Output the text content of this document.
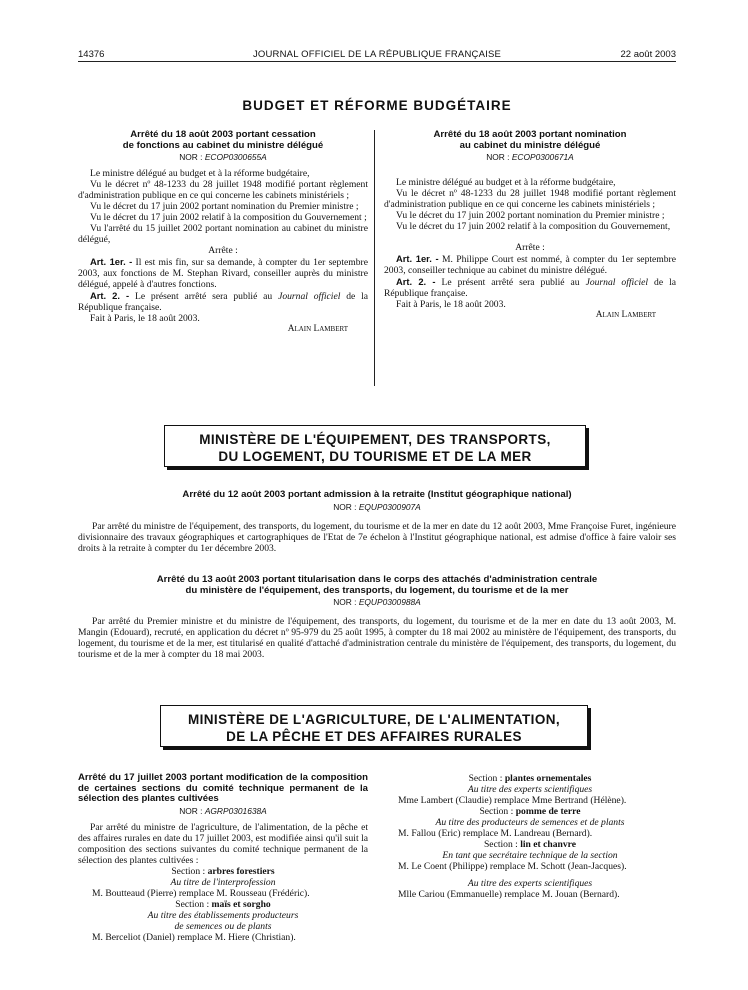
14376	JOURNAL OFFICIEL DE LA RÉPUBLIQUE FRANÇAISE	22 août 2003
BUDGET ET RÉFORME BUDGÉTAIRE
Arrêté du 18 août 2003 portant cessation
de fonctions au cabinet du ministre délégué
NOR : ECOP0300655A

Le ministre délégué au budget et à la réforme budgétaire,

Vu le décret nº 48-1233 du 28 juillet 1948 modifié portant règlement d'administration publique en ce qui concerne les cabinets ministériels ;

Vu le décret du 17 juin 2002 portant nomination du Premier ministre ;

Vu le décret du 17 juin 2002 relatif à la composition du Gouvernement ;

Vu l'arrêté du 15 juillet 2002 portant nomination au cabinet du ministre délégué,

Arrête :

Art. 1er. - Il est mis fin, sur sa demande, à compter du 1er septembre 2003, aux fonctions de M. Stephan Rivard, conseiller auprès du ministre délégué, appelé à d'autres fonctions.

Art. 2. - Le présent arrêté sera publié au Journal officiel de la République française.

Fait à Paris, le 18 août 2003.

Alain Lambert

Arrêté du 18 août 2003 portant nomination
au cabinet du ministre délégué
NOR : ECOP0300671A

Le ministre délégué au budget et à la réforme budgétaire,

Vu le décret nº 48-1233 du 28 juillet 1948 modifié portant règlement d'administration publique en ce qui concerne les cabinets ministériels ;

Vu le décret du 17 juin 2002 portant nomination du Premier ministre ;

Vu le décret du 17 juin 2002 relatif à la composition du Gouvernement,

Arrête :

Art. 1er. - M. Philippe Court est nommé, à compter du 1er septembre 2003, conseiller technique au cabinet du ministre délégué.

Art. 2. - Le présent arrêté sera publié au Journal officiel de la République française.

Fait à Paris, le 18 août 2003.

Alain Lambert

MINISTÈRE DE L'ÉQUIPEMENT, DES TRANSPORTS,
DU LOGEMENT, DU TOURISME ET DE LA MER
Arrêté du 12 août 2003 portant admission à la retraite (Institut géographique national)
NOR : EQUP0300907A

Par arrêté du ministre de l'équipement, des transports, du logement, du tourisme et de la mer en date du 12 août 2003, Mme Françoise Furet, ingénieure divisionnaire des travaux géographiques et cartographiques de l'Etat de 7e échelon à l'Institut géographique national, est admise d'office à faire valoir ses droits à la retraite à compter du 1er décembre 2003.

Arrêté du 13 août 2003 portant titularisation dans le corps des attachés d'administration centrale
du ministère de l'équipement, des transports, du logement, du tourisme et de la mer
NOR : EQUP0300988A

Par arrêté du Premier ministre et du ministre de l'équipement, des transports, du logement, du tourisme et de la mer en date du 13 août 2003, M. Mangin (Edouard), recruté, en application du décret nº 95-979 du 25 août 1995, à compter du 18 mai 2002 au ministère de l'équipement, des transports, du logement, du tourisme et de la mer, est titularisé en qualité d'attaché d'administration centrale du ministère de l'équipement, des transports, du logement, du tourisme et de la mer à compter du 18 mai 2003.

MINISTÈRE DE L'AGRICULTURE, DE L'ALIMENTATION,
DE LA PÊCHE ET DES AFFAIRES RURALES
Arrêté du 17 juillet 2003 portant modification de la composition de certaines sections du comité technique permanent de la sélection des plantes cultivées
NOR : AGRP0301638A

Par arrêté du ministre de l'agriculture, de l'alimentation, de la pêche et des affaires rurales en date du 17 juillet 2003, est modifiée ainsi qu'il suit la composition des sections suivantes du comité technique permanent de la sélection des plantes cultivées :

Section : arbres forestiers

Au titre de l'interprofession

M. Boutteaud (Pierre) remplace M. Rousseau (Frédéric).

Section : maïs et sorgho

Au titre des établissements producteurs
de semences ou de plants

M. Berceliot (Daniel) remplace M. Hiere (Christian).

Section : plantes ornementales

Au titre des experts scientifiques

Mme Lambert (Claudie) remplace Mme Bertrand (Hélène).

Section : pomme de terre

Au titre des producteurs de semences et de plants

M. Fallou (Eric) remplace M. Landreau (Bernard).

Section : lin et chanvre

En tant que secrétaire technique de la section

M. Le Coent (Philippe) remplace M. Schott (Jean-Jacques).

Au titre des experts scientifiques

Mlle Cariou (Emmanuelle) remplace M. Jouan (Bernard).
